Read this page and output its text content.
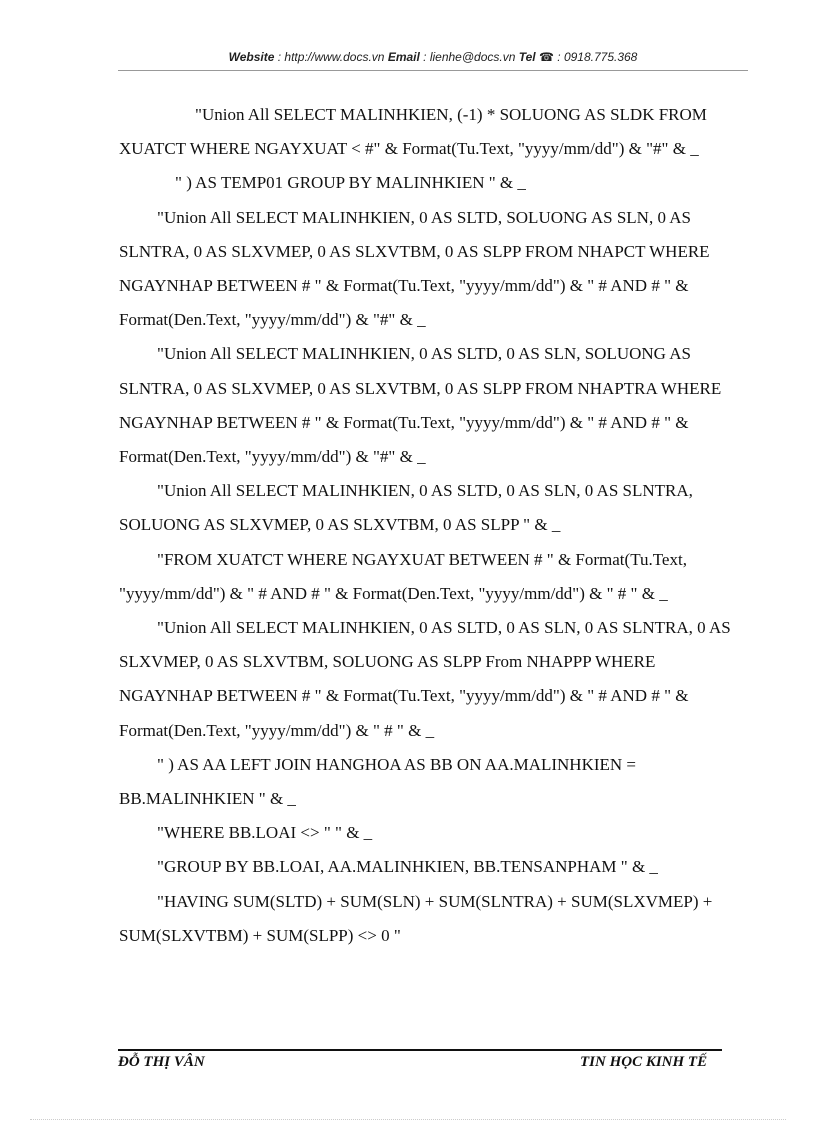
Website : http://www.docs.vn Email : lienhe@docs.vn Tel ☎ : 0918.775.368

"Union All SELECT MALINHKIEN, (-1) * SOLUONG AS SLDK FROM XUATCT WHERE NGAYXUAT < #" & Format(Tu.Text, "yyyy/mm/dd") & "#" & _

" ) AS TEMP01 GROUP BY MALINHKIEN " & _

"Union All SELECT MALINHKIEN, 0 AS SLTD, SOLUONG AS SLN, 0 AS SLNTRA, 0 AS SLXVMEP, 0 AS SLXVTBM, 0 AS SLPP FROM NHAPCT WHERE NGAYNHAP BETWEEN # " & Format(Tu.Text, "yyyy/mm/dd") & " # AND # " & Format(Den.Text, "yyyy/mm/dd") & "#" & _

"Union All SELECT MALINHKIEN, 0 AS SLTD, 0 AS SLN, SOLUONG AS SLNTRA, 0 AS SLXVMEP, 0 AS SLXVTBM, 0 AS SLPP FROM NHAPTRA WHERE NGAYNHAP BETWEEN # " & Format(Tu.Text, "yyyy/mm/dd") & " # AND # " & Format(Den.Text, "yyyy/mm/dd") & "#" & _

"Union All SELECT MALINHKIEN, 0 AS SLTD, 0 AS SLN, 0 AS SLNTRA, SOLUONG AS SLXVMEP, 0 AS SLXVTBM, 0 AS SLPP " & _

"FROM XUATCT WHERE NGAYXUAT BETWEEN # " & Format(Tu.Text, "yyyy/mm/dd") & " # AND # " & Format(Den.Text, "yyyy/mm/dd") & " # " & _

"Union All SELECT MALINHKIEN, 0 AS SLTD, 0 AS SLN, 0 AS SLNTRA, 0 AS SLXVMEP, 0 AS SLXVTBM, SOLUONG AS SLPP From NHAPPP WHERE NGAYNHAP BETWEEN # " & Format(Tu.Text, "yyyy/mm/dd") & " # AND # " & Format(Den.Text, "yyyy/mm/dd") & " # " & _

" ) AS AA LEFT JOIN HANGHOA AS BB ON AA.MALINHKIEN = BB.MALINHKIEN " & _

"WHERE BB.LOAI <> " " & _

"GROUP BY BB.LOAI, AA.MALINHKIEN, BB.TENSANPHAM " & _

"HAVING SUM(SLTD) + SUM(SLN) + SUM(SLNTRA) + SUM(SLXVMEP) + SUM(SLXVTBM) + SUM(SLPP) <> 0 "

ĐỖ THỊ VÂN	TIN HỌC KINH TẾ
